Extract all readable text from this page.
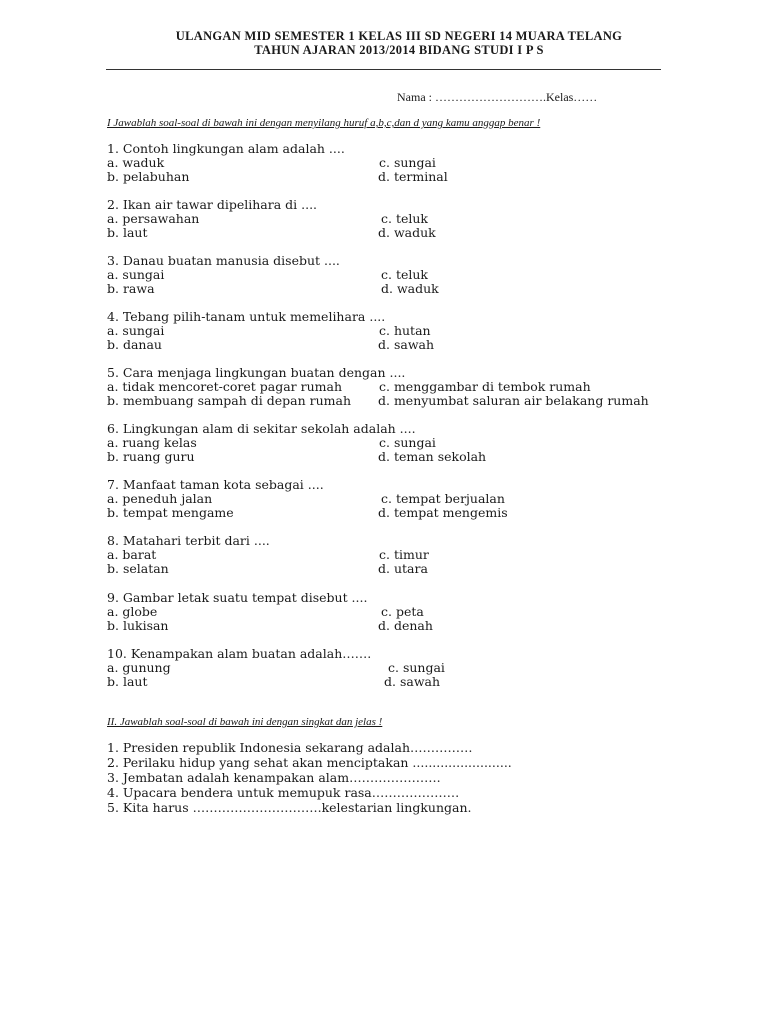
ULANGAN MID SEMESTER 1 KELAS III SD NEGERI 14 MUARA TELANG
TAHUN AJARAN 2013/2014 BIDANG STUDI I P S
Nama : ……………………….Kelas……
I Jawablah soal-soal di bawah ini dengan menyilang huruf a,b,c,dan d yang kamu anggap benar !
1. Contoh lingkungan alam adalah ....
a. waduk	c. sungai
b. pelabuhan	d. terminal
2. Ikan air tawar dipelihara di ....
a. persawahan	c. teluk
b. laut	d. waduk
3. Danau buatan manusia disebut ....
a. sungai	c. teluk
b. rawa	d. waduk
4. Tebang pilih-tanam untuk memelihara ....
a. sungai	c. hutan
b. danau	d. sawah
5. Cara menjaga lingkungan buatan dengan ....
a. tidak mencoret-coret pagar rumah	c. menggambar di tembok rumah
b. membuang sampah di depan rumah d. menyumbat saluran air belakang rumah
6. Lingkungan alam di sekitar sekolah adalah ....
a. ruang kelas	c. sungai
b. ruang guru	d. teman sekolah
7. Manfaat taman kota sebagai ....
a. peneduh jalan	c. tempat berjualan
b. tempat mengame	d. tempat mengemis
8. Matahari terbit dari ....
a. barat	c. timur
b. selatan	d. utara
9. Gambar letak suatu tempat disebut ....
a. globe	c. peta
b. lukisan	d. denah
10. Kenampakan alam buatan adalah…….
a. gunung	c. sungai
b. laut	d. sawah
II. Jawablah soal-soal di bawah ini dengan singkat dan jelas !
1. Presiden republik Indonesia sekarang adalah……………
2. Perilaku hidup yang sehat akan menciptakan .........................
3. Jembatan adalah kenampakan alam………………….
4. Upacara bendera untuk memupuk rasa…………………
5. Kita harus ………………………….kelestarian lingkungan.
